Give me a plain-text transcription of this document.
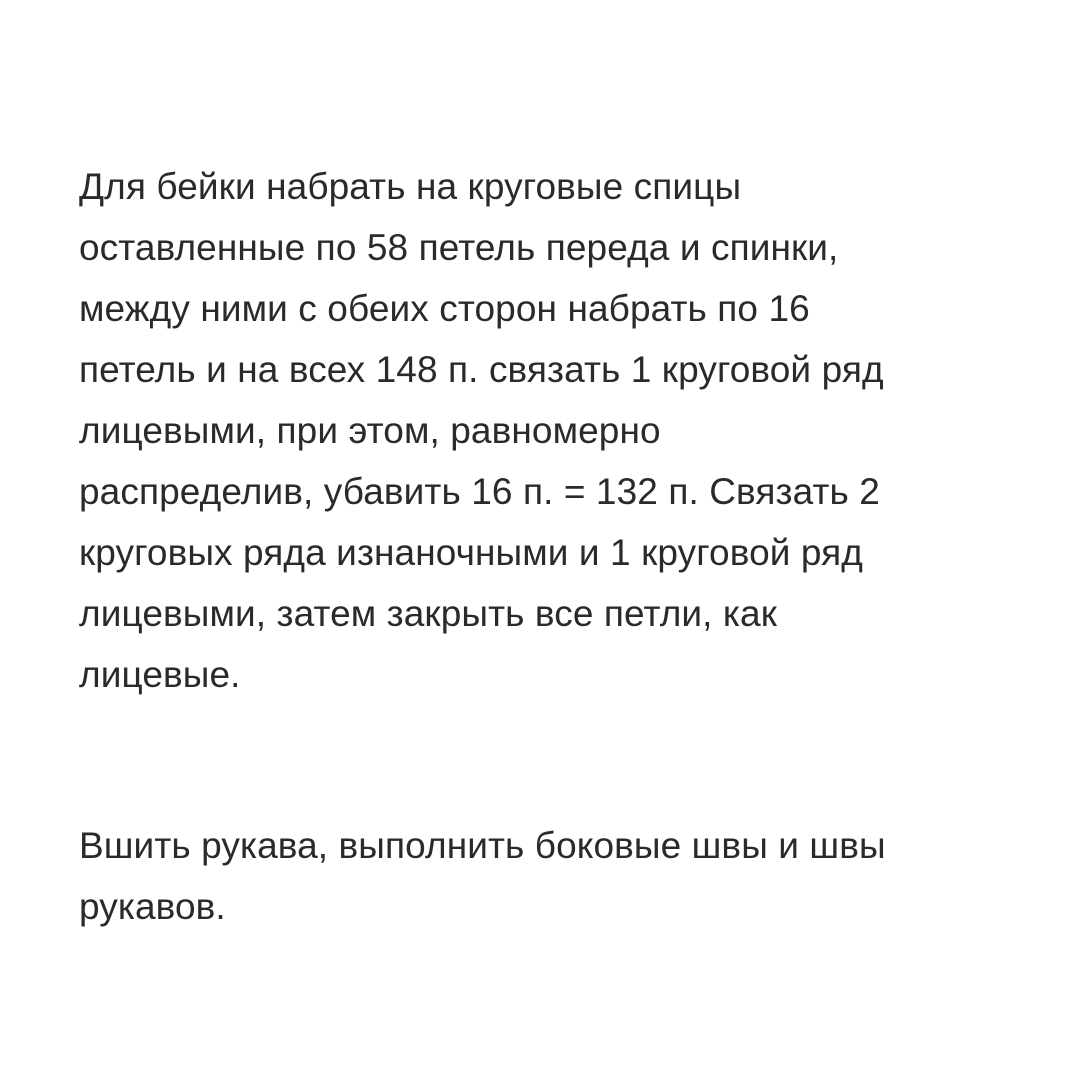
Для бейки набрать на круговые спицы
оставленные по 58 петель переда и спинки,
между ними с обеих сторон набрать по 16
петель и на всех 148 п. связать 1 круговой ряд
лицевыми, при этом, равномерно
распределив, убавить 16 п. = 132 п. Связать 2
круговых ряда изнаночными и 1 круговой ряд
лицевыми, затем закрыть все петли, как
лицевые.
Вшить рукава, выполнить боковые швы и швы
рукавов.
